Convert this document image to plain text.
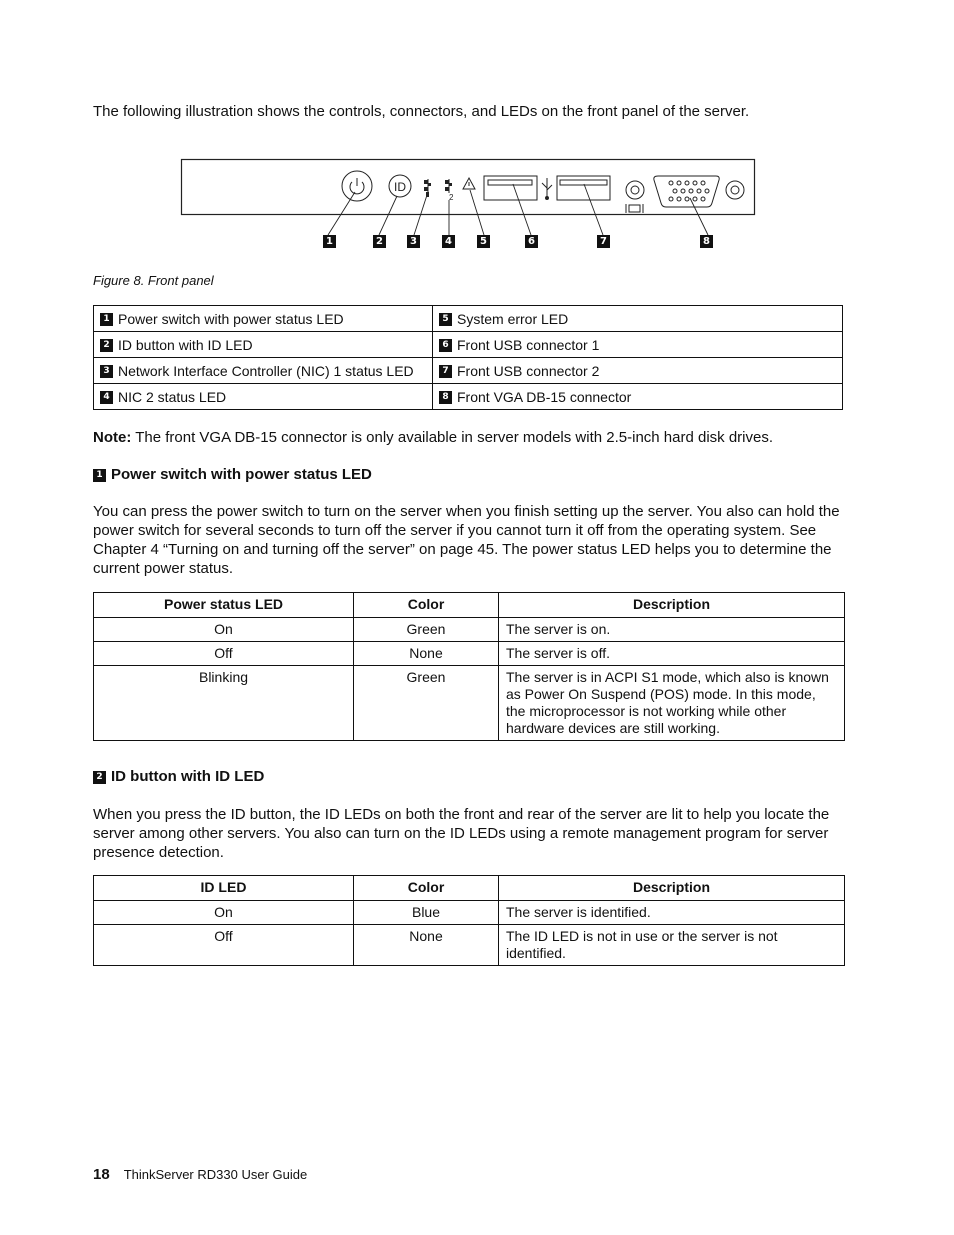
The following illustration shows the controls, connectors, and LEDs on the front panel of the server.
ID
2
1	2	3	4	5	6	7	8
Figure 8. Front panel
1 Power switch with power status LED	5 System error LED
2 ID button with ID LED	6 Front USB connector 1
3 Network Interface Controller (NIC) 1 status LED	7 Front USB connector 2
4 NIC 2 status LED	8 Front VGA DB-15 connector
Note: The front VGA DB-15 connector is only available in server models with 2.5-inch hard disk drives.
1 Power switch with power status LED
You can press the power switch to turn on the server when you finish setting up the server. You also can hold the power switch for several seconds to turn off the server if you cannot turn it off from the operating system. See Chapter 4 “Turning on and turning off the server” on page 45. The power status LED helps you to determine the current power status.
Power status LED	Color	Description
On	Green	The server is on.
Off	None	The server is off.
Blinking	Green	The server is in ACPI S1 mode, which also is known as Power On Suspend (POS) mode. In this mode, the microprocessor is not working while other hardware devices are still working.
2 ID button with ID LED
When you press the ID button, the ID LEDs on both the front and rear of the server are lit to help you locate the server among other servers. You also can turn on the ID LEDs using a remote management program for server presence detection.
ID LED	Color	Description
On	Blue	The server is identified.
Off	None	The ID LED is not in use or the server is not identified.
18 ThinkServer RD330 User Guide
